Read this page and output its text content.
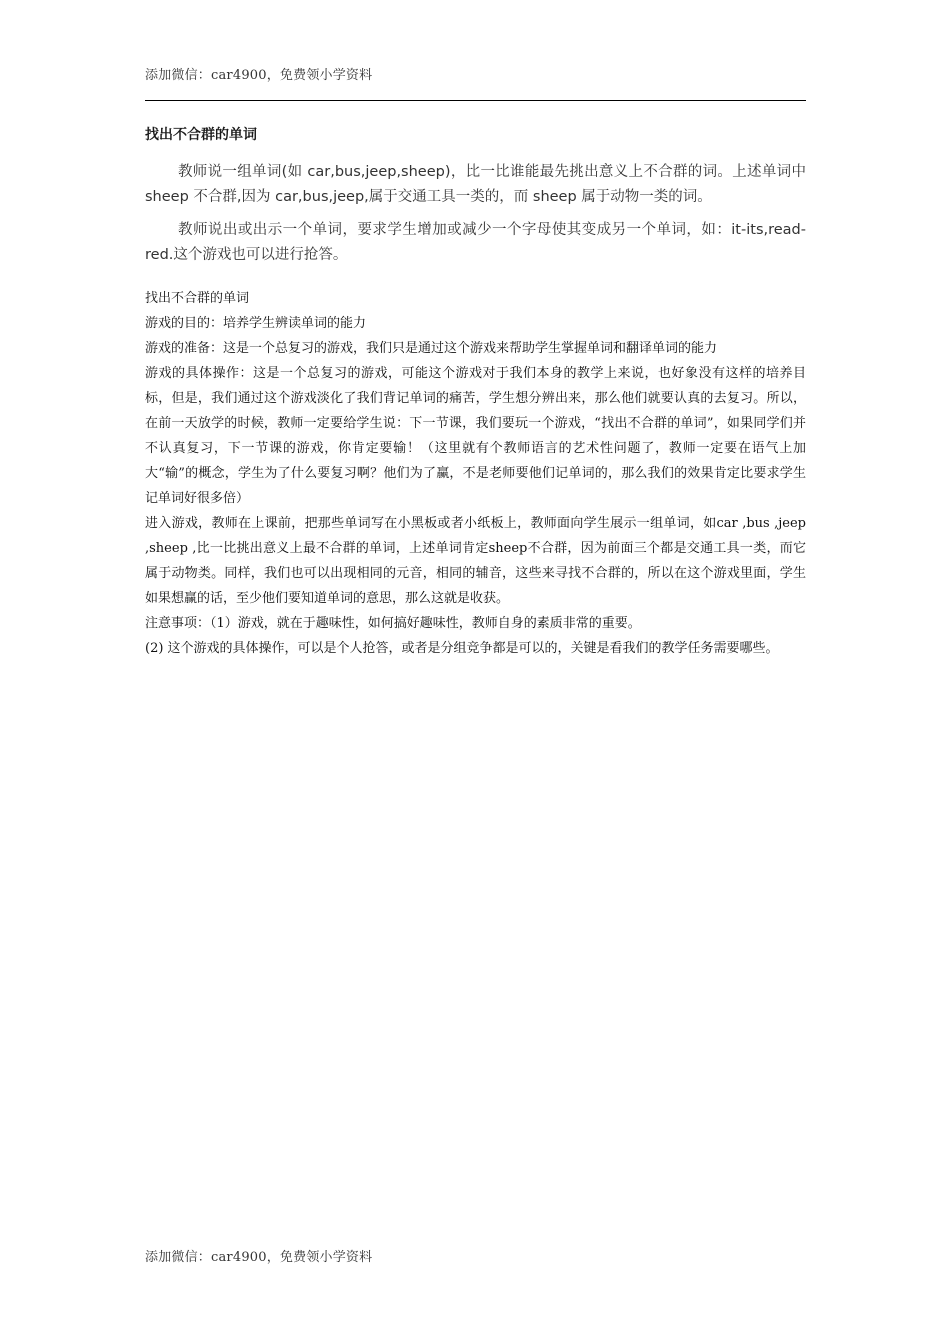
添加微信：car4900，免费领小学资料
找出不合群的单词

教师说一组单词(如 car,bus,jeep,sheep)，比一比谁能最先挑出意义上不合群的词。上述单词中 sheep 不合群,因为 car,bus,jeep,属于交通工具一类的，而 sheep 属于动物一类的词。

教师说出或出示一个单词，要求学生增加或减少一个字母使其变成另一个单词，如：it-its,read-red.这个游戏也可以进行抢答。

找出不合群的单词

游戏的目的：培养学生辨读单词的能力

游戏的准备：这是一个总复习的游戏，我们只是通过这个游戏来帮助学生掌握单词和翻译单词的能力

游戏的具体操作：这是一个总复习的游戏，可能这个游戏对于我们本身的教学上来说，也好象没有这样的培养目标，但是，我们通过这个游戏淡化了我们背记单词的痛苦，学生想分辨出来，那么他们就要认真的去复习。所以，在前一天放学的时候，教师一定要给学生说：下一节课，我们要玩一个游戏，“找出不合群的单词”，如果同学们并不认真复习，下一节课的游戏，你肯定要输！（这里就有个教师语言的艺术性问题了，教师一定要在语气上加大“输”的概念，学生为了什么要复习啊？他们为了赢，不是老师要他们记单词的，那么我们的效果肯定比要求学生记单词好很多倍）

进入游戏，教师在上课前，把那些单词写在小黑板或者小纸板上，教师面向学生展示一组单词，如car ,bus ,jeep ,sheep ,比一比挑出意义上最不合群的单词，上述单词肯定sheep不合群，因为前面三个都是交通工具一类，而它属于动物类。同样，我们也可以出现相同的元音，相同的辅音，这些来寻找不合群的，所以在这个游戏里面，学生如果想赢的话，至少他们要知道单词的意思，那么这就是收获。

注意事项：（1）游戏，就在于趣味性，如何搞好趣味性，教师自身的素质非常的重要。

(2) 这个游戏的具体操作，可以是个人抢答，或者是分组竞争都是可以的，关键是看我们的教学任务需要哪些。

添加微信：car4900，免费领小学资料
